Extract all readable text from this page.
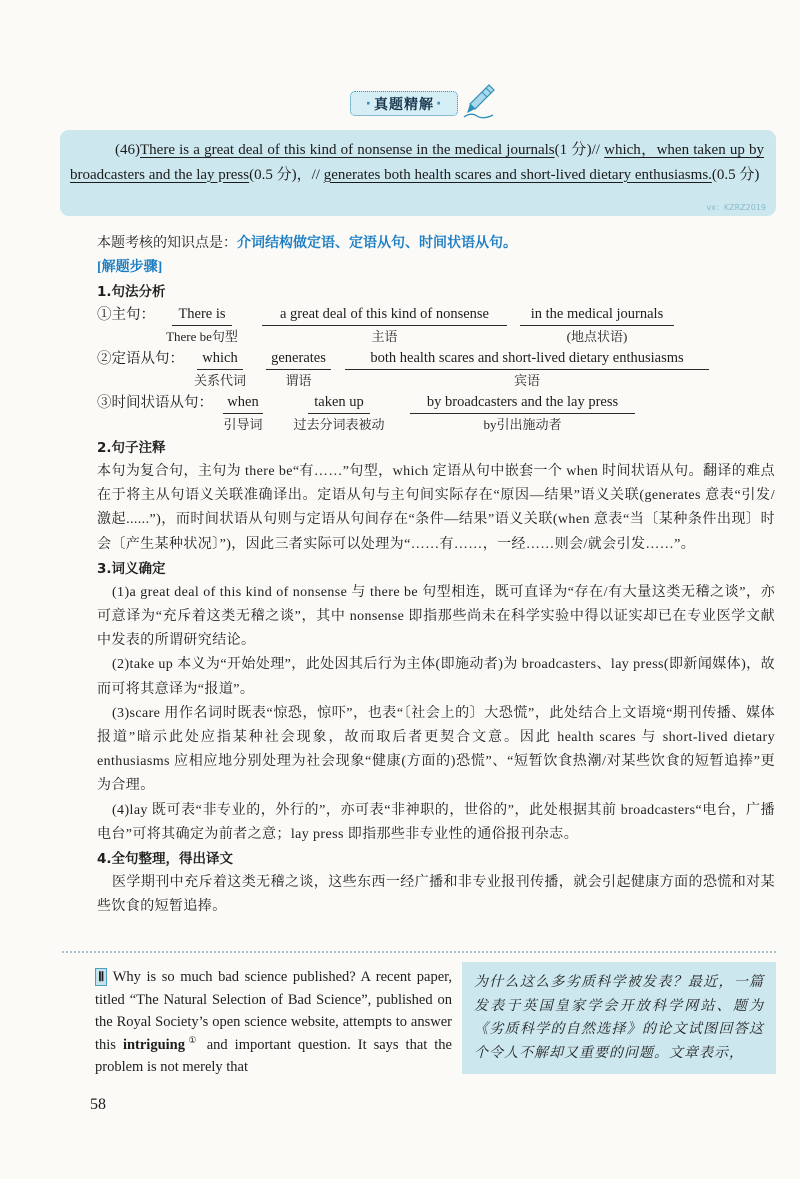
· 真题精解 ·
(46)There is a great deal of this kind of nonsense in the medical journals(1 分)// which，when taken up by broadcasters and the lay press(0.5 分)，// generates both health scares and short-lived dietary enthusiasms.(0.5 分)
vx：KZRZ2019
本题考核的知识点是：介词结构做定语、定语从句、时间状语从句。
[解题步骤]
1.句法分析
①主句：	There is
There be句型
a great deal of this kind of nonsense
主语
in the medical journals
(地点状语)
②定语从句：	which
关系代词
generates
谓语
both health scares and short-lived dietary enthusiasms
宾语
③时间状语从句： when
引导词
taken up
过去分词表被动
by broadcasters and the lay press
by引出施动者
2.句子注释
本句为复合句，主句为 there be“有……”句型，which 定语从句中嵌套一个 when 时间状语从句。翻译的难点在于将主从句语义关联准确译出。定语从句与主句间实际存在“原因—结果”语义关联(generates 意表“引发/激起......”)，而时间状语从句则与定语从句间存在“条件—结果”语义关联(when 意表“当〔某种条件出现〕时会〔产生某种状况〕”)，因此三者实际可以处理为“……有……，一经……则会/就会引发……”。
3.词义确定
(1)a great deal of this kind of nonsense 与 there be 句型相连，既可直译为“存在/有大量这类无稽之谈”，亦可意译为“充斥着这类无稽之谈”，其中 nonsense 即指那些尚未在科学实验中得以证实却已在专业医学文献中发表的所谓研究结论。
(2)take up 本义为“开始处理”，此处因其后行为主体(即施动者)为 broadcasters、lay press(即新闻媒体)，故而可将其意译为“报道”。
(3)scare 用作名词时既表“惊恐，惊吓”，也表“〔社会上的〕大恐慌”，此处结合上文语境“期刊传播、媒体报道”暗示此处应指某种社会现象，故而取后者更契合文意。因此 health scares 与 short-lived dietary enthusiasms 应相应地分别处理为社会现象“健康(方面的)恐慌”、“短暂饮食热潮/对某些饮食的短暂追捧”更为合理。
(4)lay 既可表“非专业的，外行的”，亦可表“非神职的，世俗的”，此处根据其前 broadcasters“电台，广播电台”可将其确定为前者之意；lay press 即指那些非专业性的通俗报刊杂志。
4.全句整理，得出译文
医学期刊中充斥着这类无稽之谈，这些东西一经广播和非专业报刊传播，就会引起健康方面的恐慌和对某些饮食的短暂追捧。
Ⅱ Why is so much bad science published? A recent paper, titled “The Natural Selection of Bad Science”, published on the Royal Society’s open science website, attempts to answer this intriguing① and important question. It says that the problem is not merely that
为什么这么多劣质科学被发表？最近，一篇发表于英国皇家学会开放科学网站、题为《劣质科学的自然选择》的论文试图回答这个令人不解却又重要的问题。文章表示，
58
